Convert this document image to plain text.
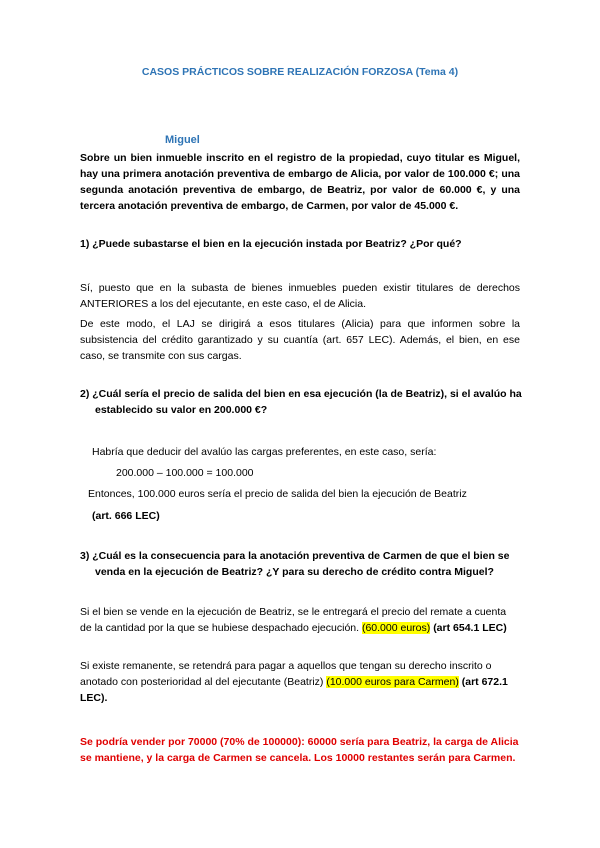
CASOS PRÁCTICOS SOBRE REALIZACIÓN FORZOSA (Tema 4)
Miguel
Sobre un bien inmueble inscrito en el registro de la propiedad, cuyo titular es Miguel, hay una primera anotación preventiva de embargo de Alicia, por valor de 100.000 €; una segunda anotación preventiva de embargo, de Beatriz, por valor de 60.000 €, y una tercera anotación preventiva de embargo, de Carmen, por valor de 45.000 €.
1) ¿Puede subastarse el bien en la ejecución instada por Beatriz? ¿Por qué?
Sí, puesto que en la subasta de bienes inmuebles pueden existir titulares de derechos ANTERIORES a los del ejecutante, en este caso, el de Alicia.
De este modo, el LAJ se dirigirá a esos titulares (Alicia) para que informen sobre la subsistencia del crédito garantizado y su cuantía (art. 657 LEC). Además, el bien, en ese caso, se transmite con sus cargas.
2) ¿Cuál sería el precio de salida del bien en esa ejecución (la de Beatriz), si el avalúo ha
establecido su valor en 200.000 €?
Habría que deducir del avalúo las cargas preferentes, en este caso, sería:
200.000 – 100.000 = 100.000
Entonces, 100.000 euros sería el precio de salida del bien la ejecución de Beatriz
(art. 666 LEC)
3) ¿Cuál es la consecuencia para la anotación preventiva de Carmen de que el bien se
venda en la ejecución de Beatriz? ¿Y para su derecho de crédito contra Miguel?
Si el bien se vende en la ejecución de Beatriz, se le entregará el precio del remate a cuenta de la cantidad por la que se hubiese despachado ejecución. (60.000 euros) (art 654.1 LEC)
Si existe remanente, se retendrá para pagar a aquellos que tengan su derecho inscrito o
anotado con posterioridad al del ejecutante (Beatriz) (10.000 euros para Carmen) (art 672.1 LEC).
Se podría vender por 70000 (70% de 100000): 60000 sería para Beatriz, la carga de Alicia
se mantiene, y la carga de Carmen se cancela. Los 10000 restantes serán para Carmen.
